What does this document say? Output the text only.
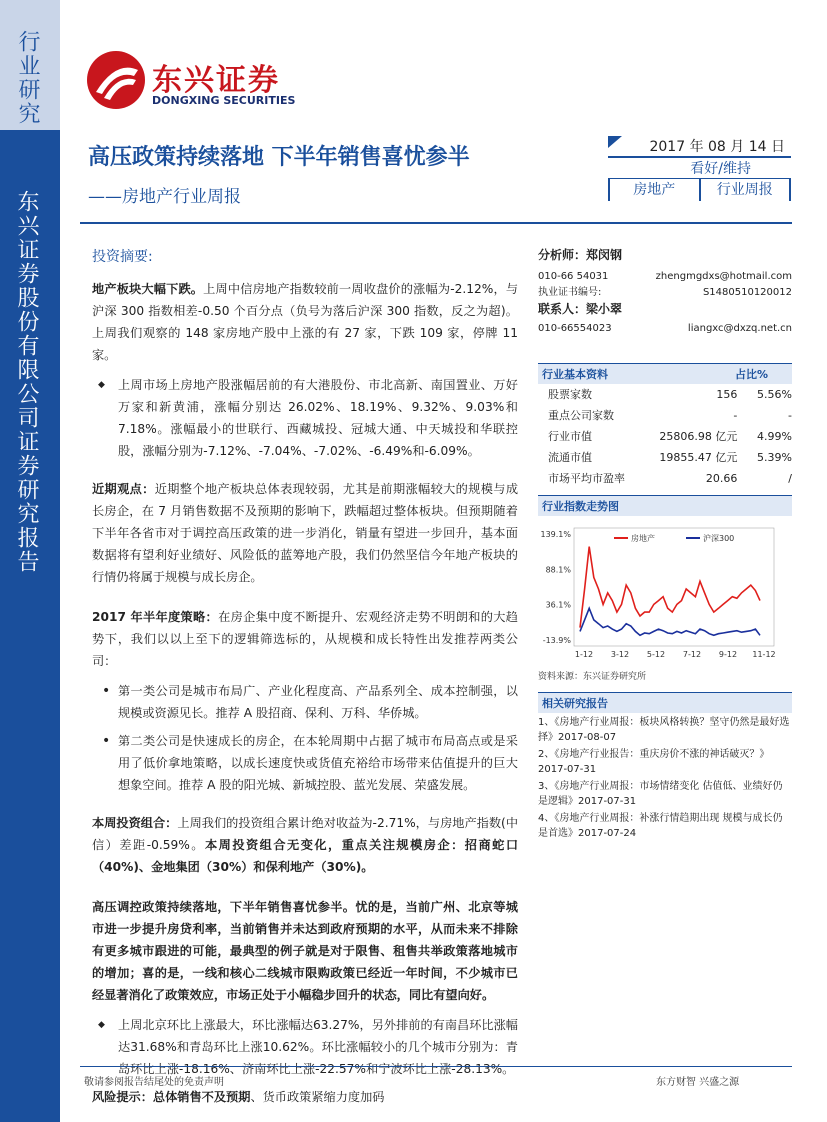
行业研究
东兴证券股份有限公司证券研究报告
东兴证券
DONGXING SECURITIES
高压政策持续落地 下半年销售喜忧参半
——房地产行业周报
2017 年 08 月 14 日
看好/维持
房地产	行业周报
投资摘要:

地产板块大幅下跌。上周中信房地产指数较前一周收盘价的涨幅为-2.12%，与沪深 300 指数相差-0.50 个百分点（负号为落后沪深 300 指数，反之为超)。上周我们观察的 148 家房地产股中上涨的有 27 家，下跌 109 家，停牌 11 家。

◆ 上周市场上房地产股涨幅居前的有大港股份、市北高新、南国置业、万好万家和新黄浦，涨幅分别达 26.02%、18.19%、9.32%、9.03%和 7.18%。涨幅最小的世联行、西藏城投、冠城大通、中天城投和华联控股，涨幅分别为-7.12%、-7.04%、-7.02%、-6.49%和-6.09%。

近期观点：近期整个地产板块总体表现较弱，尤其是前期涨幅较大的规模与成长房企，在 7 月销售数据不及预期的影响下，跌幅超过整体板块。但预期随着下半年各省市对于调控高压政策的进一步消化，销量有望进一步回升，基本面数据将有望利好业绩好、风险低的蓝筹地产股，我们仍然坚信今年地产板块的行情仍将属于规模与成长房企。

2017 年半年度策略：在房企集中度不断提升、宏观经济走势不明朗和的大趋势下，我们以以上至下的逻辑筛选标的，从规模和成长特性出发推荐两类公司：

• 第一类公司是城市布局广、产业化程度高、产品系列全、成本控制强，以规模或资源见长。推荐 A 股招商、保利、万科、华侨城。

• 第二类公司是快速成长的房企，在本轮周期中占据了城市布局高点或是采用了低价拿地策略，以成长速度快或货值充裕给市场带来估值提升的巨大想象空间。推荐 A 股的阳光城、新城控股、蓝光发展、荣盛发展。

本周投资组合：上周我们的投资组合累计绝对收益为-2.71%，与房地产指数(中信）差距-0.59%。本周投资组合无变化，重点关注规模房企：招商蛇口（40%)、金地集团（30%）和保利地产（30%)。

高压调控政策持续落地，下半年销售喜忧参半。忧的是，当前广州、北京等城市进一步提升房贷利率，当前销售并未达到政府预期的水平，从而未来不排除有更多城市跟进的可能，最典型的例子就是对于限售、租售共举政策落地城市的增加；喜的是，一线和核心二线城市限购政策已经近一年时间，不少城市已经显著消化了政策效应，市场正处于小幅稳步回升的状态，同比有望向好。

◆ 上周北京环比上涨最大，环比涨幅达63.27%，另外排前的有南昌环比涨幅达31.68%和青岛环比上涨10.62%。环比涨幅较小的几个城市分别为：青岛环比上涨-18.16%、济南环比上涨-22.57%和宁波环比上涨-28.13%。

风险提示：总体销售不及预期、货币政策紧缩力度加码

分析师：郑闵钢
010-66 54031	zhengmgdxs@hotmail.com
执业证书编号:	S1480510120012
联系人：梁小翠
010-66554023	liangxc@dxzq.net.cn
行业基本资料	占比%
股票家数	156	5.56%
重点公司家数	-	-
行业市值	25806.98 亿元	4.99%
流通市值	19855.47 亿元	5.39%
市场平均市盈率	20.66	/
行业指数走势图
139.1%
88.1%
36.1%
-13.9%
1-12 3-12 5-12 7-12 9-12 11-12
房地产	沪深300
资料来源：东兴证券研究所
相关研究报告
1、《房地产行业周报：板块风格转换？坚守仍然是最好选择》2017-08-07
2、《房地产行业报告：重庆房价不涨的神话破灭？》2017-07-31
3、《房地产行业周报：市场情绪变化 估值低、业绩好仍是逻辑》2017-07-31
4、《房地产行业周报：补涨行情趋期出现 规模与成长仍是首选》2017-07-24
敬请参阅报告结尾处的免责声明	东方财智 兴盛之源
